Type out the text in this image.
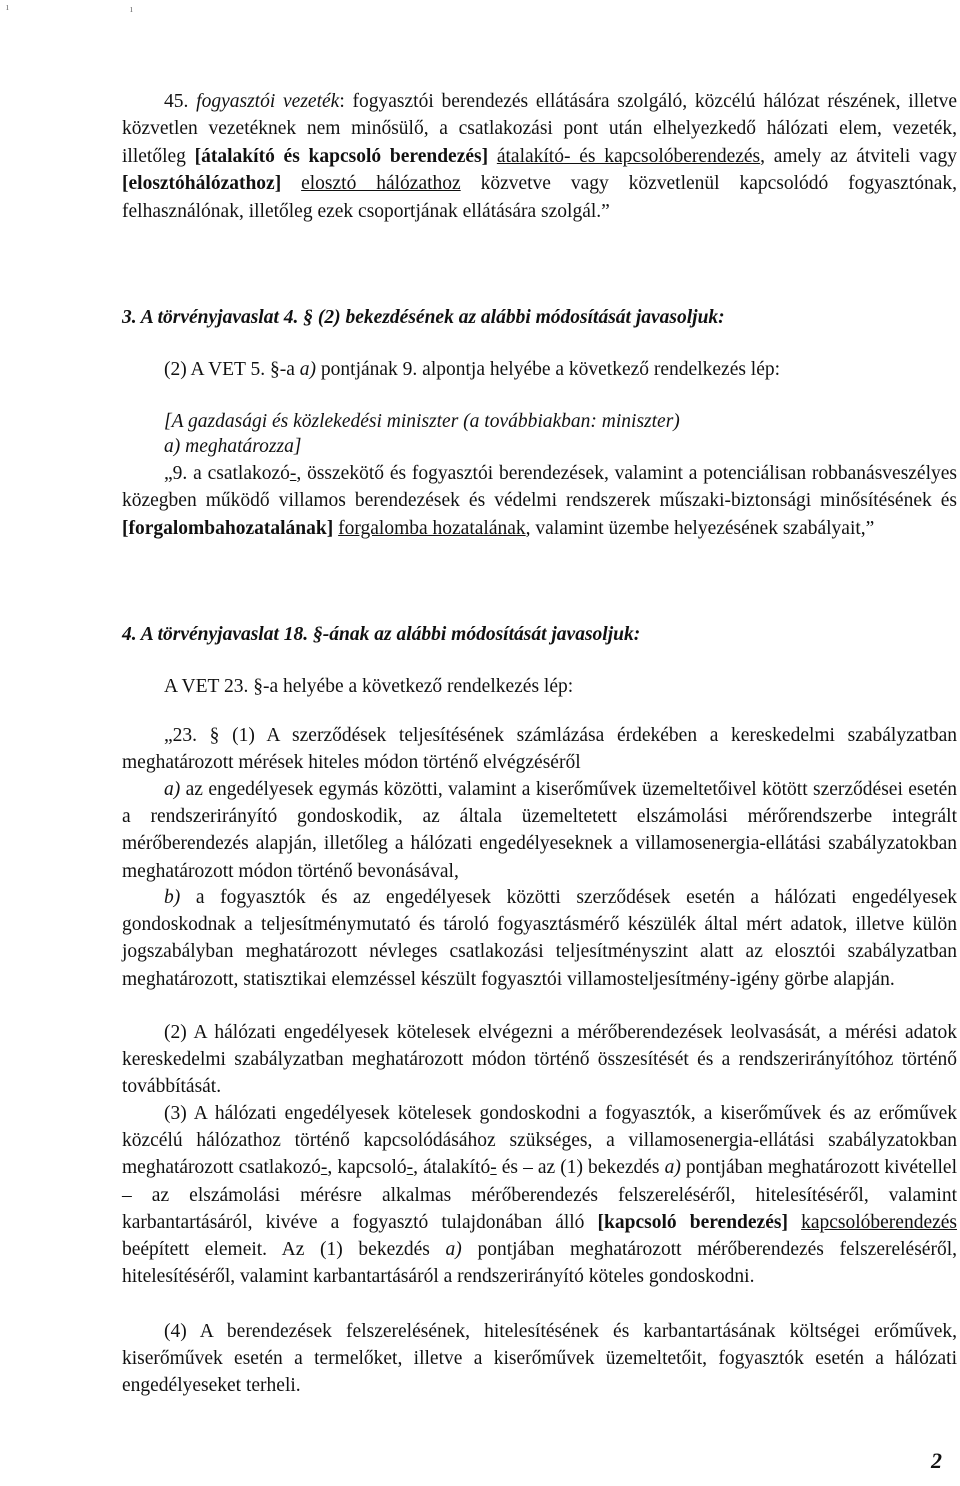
ı	ı
45. fogyasztói vezeték: fogyasztói berendezés ellátására szolgáló, közcélú hálózat részének, illetve közvetlen vezetéknek nem minősülő, a csatlakozási pont után elhelyezkedő hálózati elem, vezeték, illetőleg [átalakító és kapcsoló berendezés] átalakító- és kapcsolóberendezés, amely az átviteli vagy [elosztóhálózathoz] elosztó hálózathoz közvetve vagy közvetlenül kapcsolódó fogyasztónak, felhasználónak, illetőleg ezek csoportjának ellátására szolgál.”
3. A törvényjavaslat 4. § (2) bekezdésének az alábbi módosítását javasoljuk:
(2) A VET 5. §-a a) pontjának 9. alpontja helyébe a következő rendelkezés lép:
[A gazdasági és közlekedési miniszter (a továbbiakban: miniszter)
a) meghatározza]
„9. a csatlakozó-, összekötő és fogyasztói berendezések, valamint a potenciálisan robbanásveszélyes közegben működő villamos berendezések és védelmi rendszerek műszaki-biztonsági minősítésének és [forgalombahozatalának] forgalomba hozatalának, valamint üzembe helyezésének szabályait,”
4. A törvényjavaslat 18. §-ának az alábbi módosítását javasoljuk:
A VET 23. §-a helyébe a következő rendelkezés lép:
„23. § (1) A szerződések teljesítésének számlázása érdekében a kereskedelmi szabályzatban meghatározott mérések hiteles módon történő elvégzéséről
a) az engedélyesek egymás közötti, valamint a kiserőművek üzemeltetőivel kötött szerződései esetén a rendszerirányító gondoskodik, az általa üzemeltetett elszámolási mérőrendszerbe integrált mérőberendezés alapján, illetőleg a hálózati engedélyeseknek a villamosenergia-ellátási szabályzatokban meghatározott módon történő bevonásával,
b) a fogyasztók és az engedélyesek közötti szerződések esetén a hálózati engedélyesek gondoskodnak a teljesítménymutató és tároló fogyasztásmérő készülék által mért adatok, illetve külön jogszabályban meghatározott névleges csatlakozási teljesítményszint alatt az elosztói szabályzatban meghatározott, statisztikai elemzéssel készült fogyasztói villamosteljesítmény-igény görbe alapján.
(2) A hálózati engedélyesek kötelesek elvégezni a mérőberendezések leolvasását, a mérési adatok kereskedelmi szabályzatban meghatározott módon történő összesítését és a rendszerirányítóhoz történő továbbítását.
(3) A hálózati engedélyesek kötelesek gondoskodni a fogyasztók, a kiserőművek és az erőművek közcélú hálózathoz történő kapcsolódásához szükséges, a villamosenergia-ellátási szabályzatokban meghatározott csatlakozó-, kapcsoló-, átalakító- és – az (1) bekezdés a) pontjában meghatározott kivétellel – az elszámolási mérésre alkalmas mérőberendezés felszereléséről, hitelesítéséről, valamint karbantartásáról, kivéve a fogyasztó tulajdonában álló [kapcsoló berendezés] kapcsolóberendezés beépített elemeit. Az (1) bekezdés a) pontjában meghatározott mérőberendezés felszereléséről, hitelesítéséről, valamint karbantartásáról a rendszerirányító köteles gondoskodni.
(4) A berendezések felszerelésének, hitelesítésének és karbantartásának költségei erőművek, kiserőművek esetén a termelőket, illetve a kiserőművek üzemeltetőit, fogyasztók esetén a hálózati engedélyeseket terheli.
2
